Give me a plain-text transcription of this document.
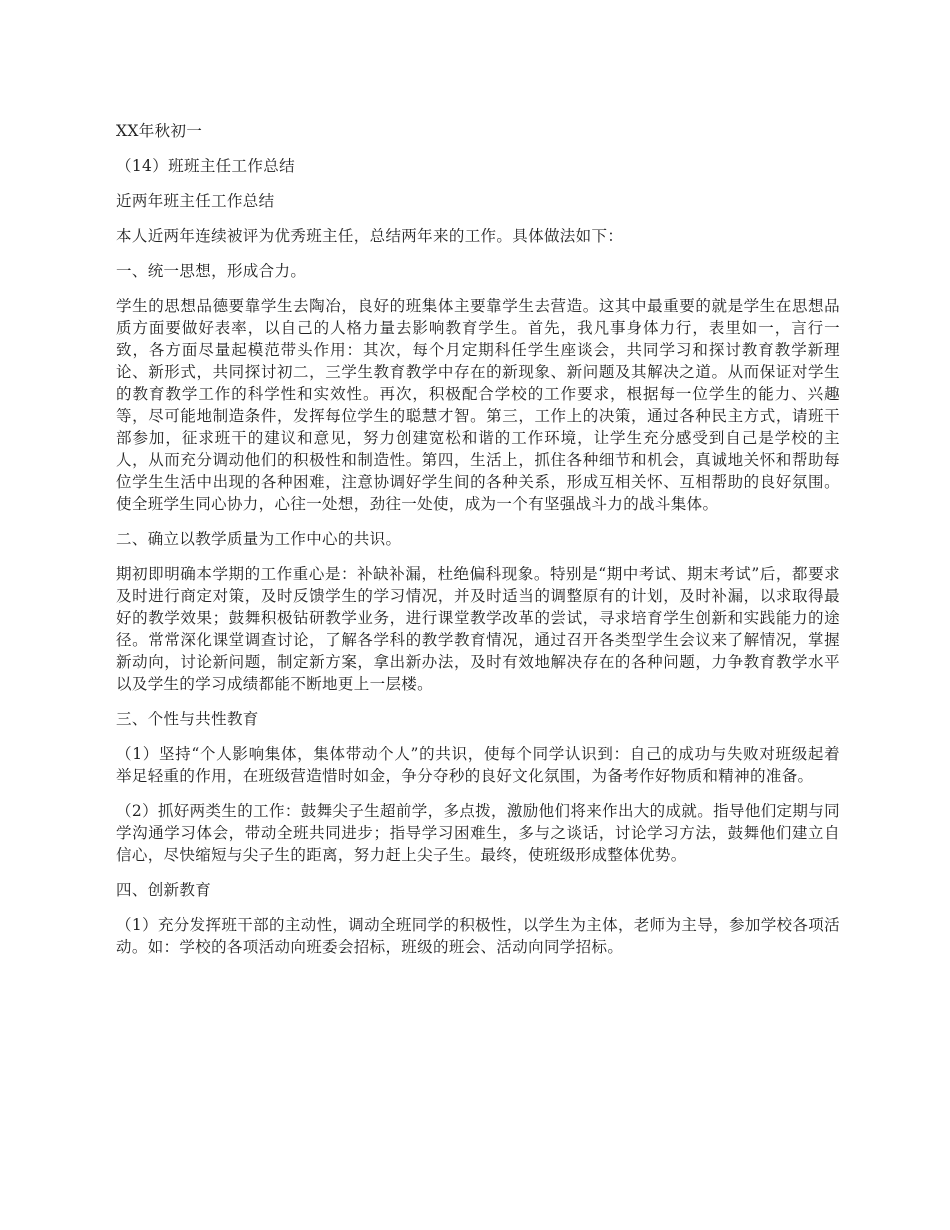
XX年秋初一

（14）班班主任工作总结

近两年班主任工作总结

本人近两年连续被评为优秀班主任，总结两年来的工作。具体做法如下：

一、统一思想，形成合力。

学生的思想品德要靠学生去陶冶，良好的班集体主要靠学生去营造。这其中最重要的就是学生在思想品质方面要做好表率，以自己的人格力量去影响教育学生。首先，我凡事身体力行，表里如一，言行一致，各方面尽量起模范带头作用：其次，每个月定期科任学生座谈会，共同学习和探讨教育教学新理论、新形式，共同探讨初二，三学生教育教学中存在的新现象、新问题及其解决之道。从而保证对学生的教育教学工作的科学性和实效性。再次，积极配合学校的工作要求，根据每一位学生的能力、兴趣等，尽可能地制造条件，发挥每位学生的聪慧才智。第三，工作上的决策，通过各种民主方式，请班干部参加，征求班干的建议和意见，努力创建宽松和谐的工作环境，让学生充分感受到自己是学校的主人，从而充分调动他们的积极性和制造性。第四，生活上，抓住各种细节和机会，真诚地关怀和帮助每位学生生活中出现的各种困难，注意协调好学生间的各种关系，形成互相关怀、互相帮助的良好氛围。使全班学生同心协力，心往一处想，劲往一处使，成为一个有坚强战斗力的战斗集体。

二、确立以教学质量为工作中心的共识。

期初即明确本学期的工作重心是：补缺补漏，杜绝偏科现象。特别是“期中考试、期末考试”后，都要求及时进行商定对策，及时反馈学生的学习情况，并及时适当的调整原有的计划，及时补漏，以求取得最好的教学效果；鼓舞积极钻研教学业务，进行课堂教学改革的尝试，寻求培育学生创新和实践能力的途径。常常深化课堂调查讨论，了解各学科的教学教育情况，通过召开各类型学生会议来了解情况，掌握新动向，讨论新问题，制定新方案，拿出新办法，及时有效地解决存在的各种问题，力争教育教学水平以及学生的学习成绩都能不断地更上一层楼。

三、个性与共性教育

（1）坚持“个人影响集体，集体带动个人”的共识，使每个同学认识到：自己的成功与失败对班级起着举足轻重的作用，在班级营造惜时如金，争分夺秒的良好文化氛围，为备考作好物质和精神的准备。

（2）抓好两类生的工作：鼓舞尖子生超前学，多点拨，激励他们将来作出大的成就。指导他们定期与同学沟通学习体会，带动全班共同进步；指导学习困难生，多与之谈话，讨论学习方法，鼓舞他们建立自信心，尽快缩短与尖子生的距离，努力赶上尖子生。最终，使班级形成整体优势。

四、创新教育

（1）充分发挥班干部的主动性，调动全班同学的积极性，以学生为主体，老师为主导，参加学校各项活动。如：学校的各项活动向班委会招标，班级的班会、活动向同学招标。
